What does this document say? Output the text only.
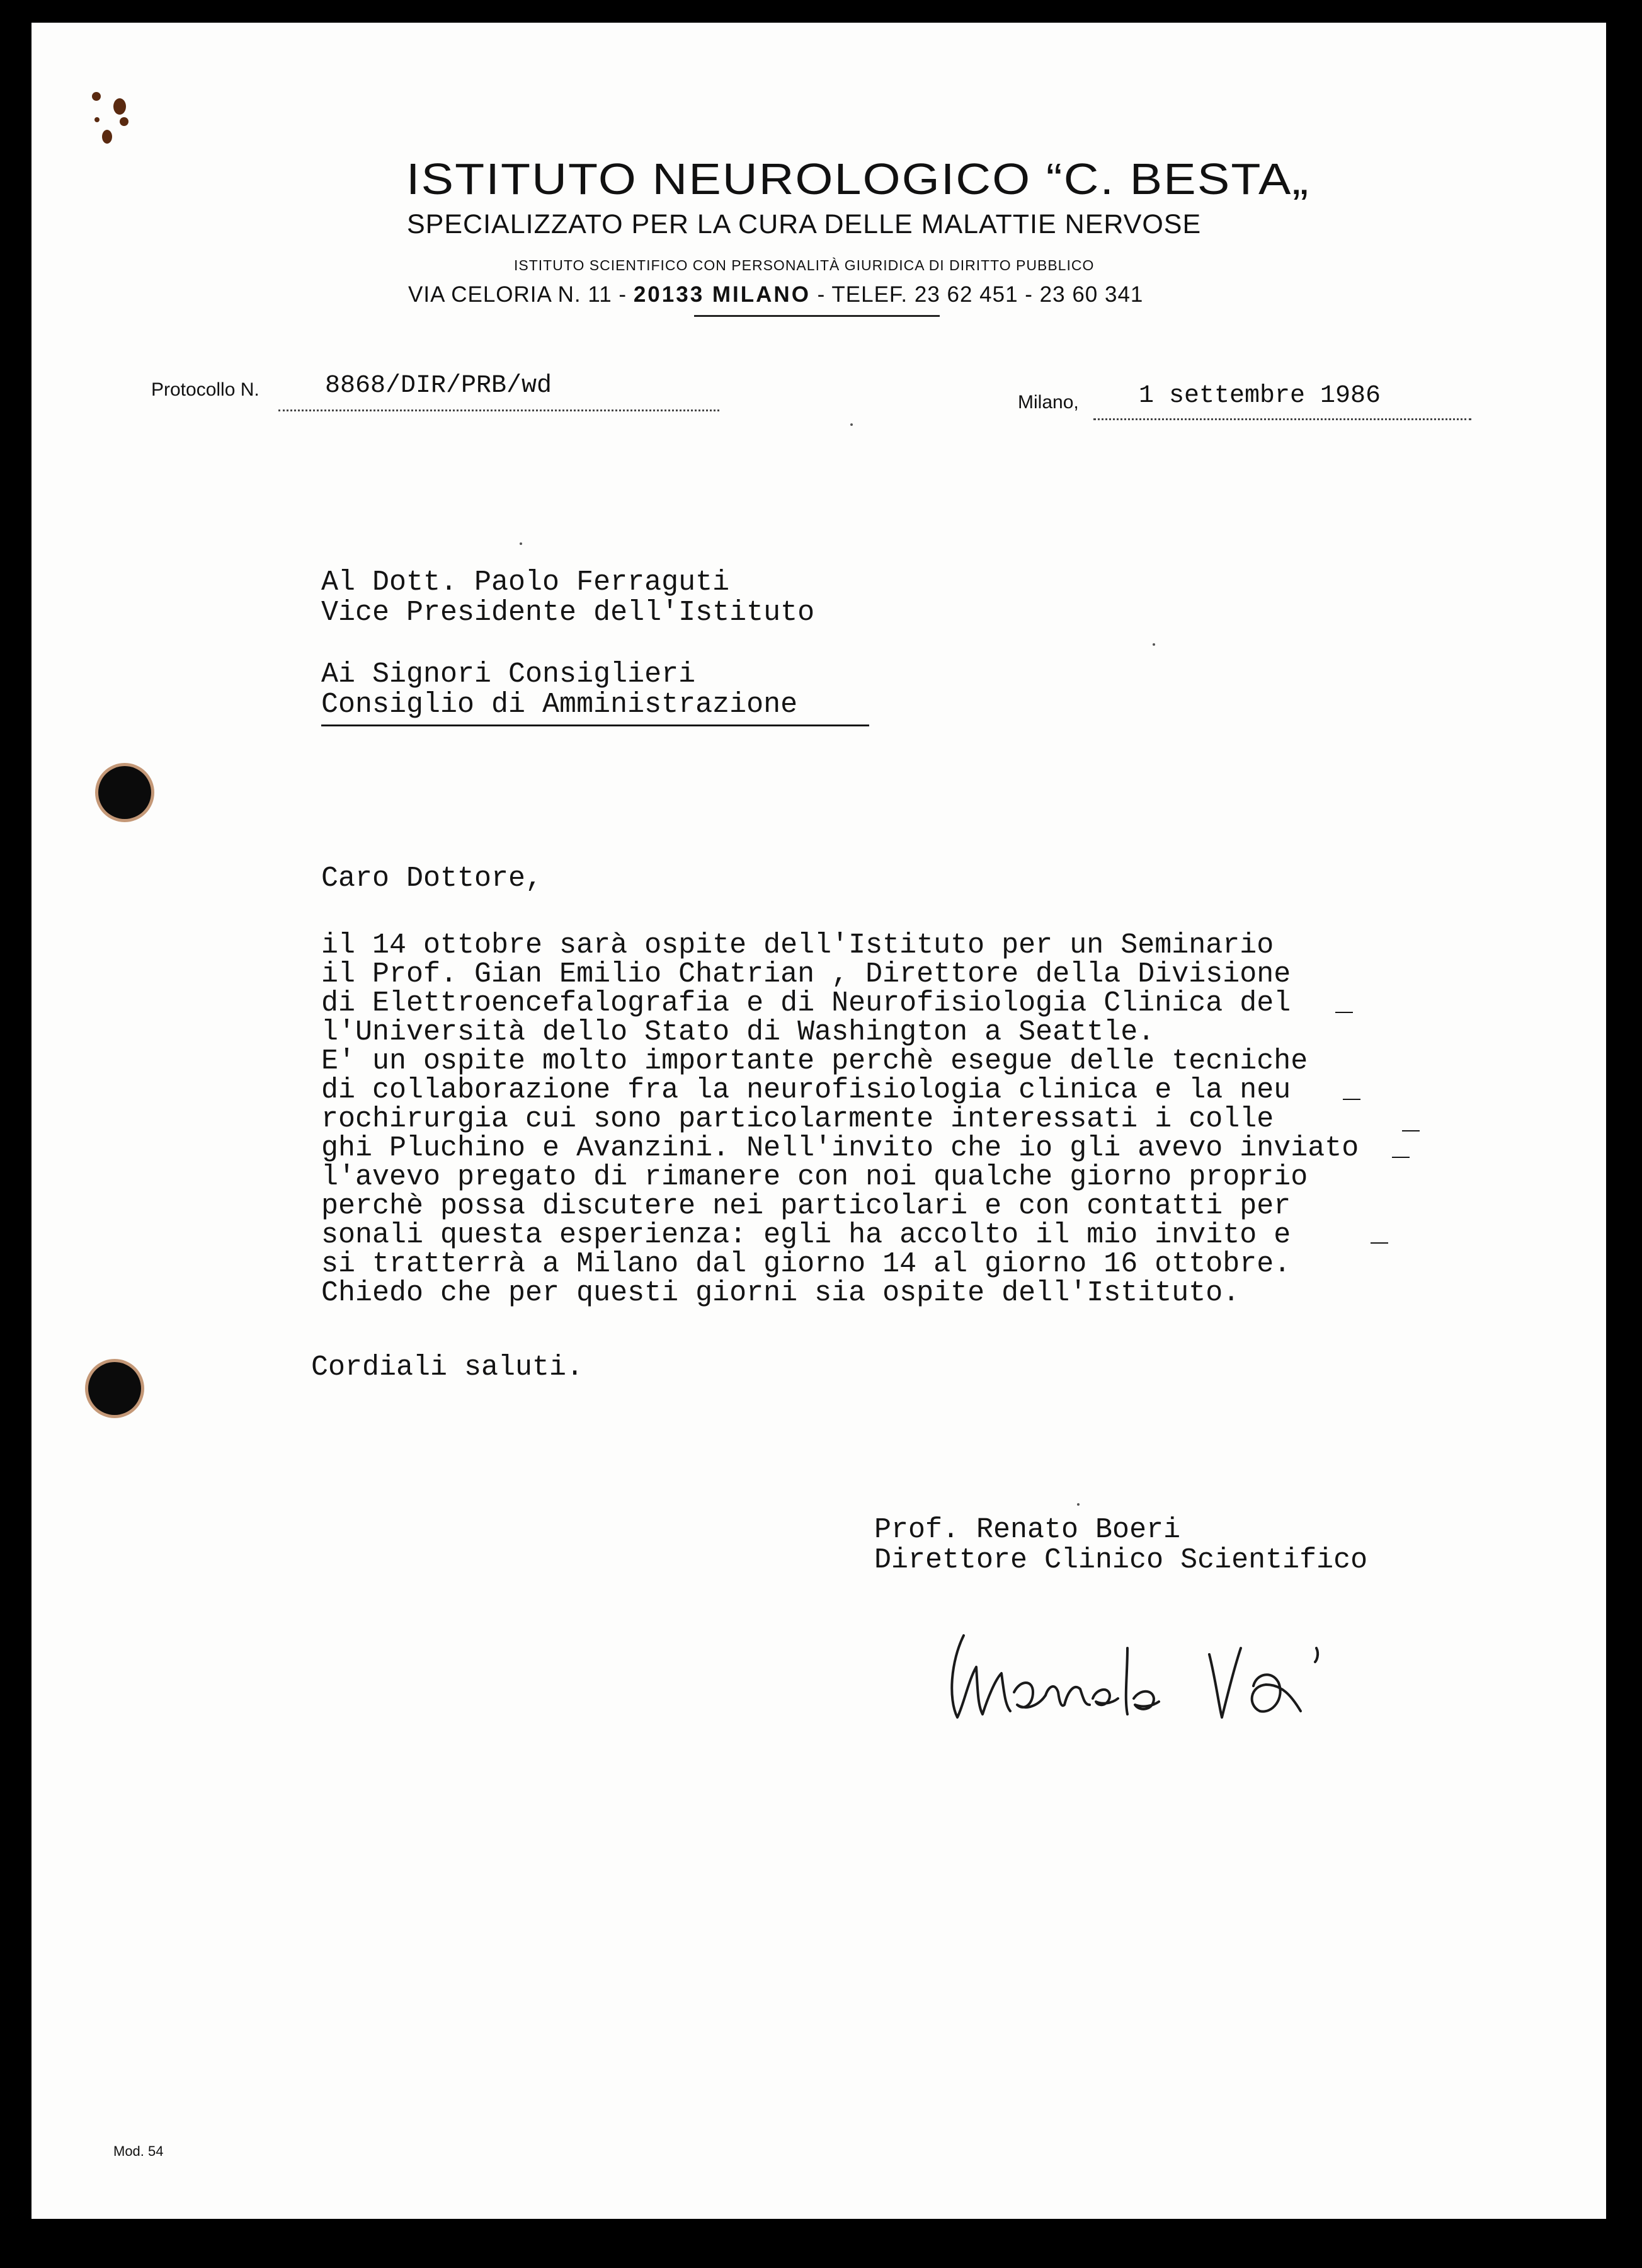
ISTITUTO NEUROLOGICO “C. BESTA„
SPECIALIZZATO PER LA CURA DELLE MALATTIE NERVOSE
ISTITUTO SCIENTIFICO CON PERSONALITÀ GIURIDICA DI DIRITTO PUBBLICO
VIA CELORIA N. 11 - 20133 MILANO - TELEF. 23 62 451 - 23 60 341
Protocollo N.	8868/DIR/PRB/wd
Milano, 1 settembre 1986
Al Dott. Paolo Ferraguti
Vice Presidente dell'Istituto
Ai Signori Consiglieri
Consiglio di Amministrazione
Caro Dottore,
il 14 ottobre sarà ospite dell'Istituto per un Seminario
il Prof. Gian Emilio Chatrian , Direttore della Divisione
di Elettroencefalografia e di Neurofisiologia Clinica del
l'Università dello Stato di Washington a Seattle.
E' un ospite molto importante perchè esegue delle tecniche
di collaborazione fra la neurofisiologia clinica e la neu
rochirurgia cui sono particolarmente interessati i colle
ghi Pluchino e Avanzini. Nell'invito che io gli avevo inviato
l'avevo pregato di rimanere con noi qualche giorno proprio
perchè possa discutere nei particolari e con contatti per
sonali questa esperienza: egli ha accolto il mio invito e
si tratterrà a Milano dal giorno 14 al giorno 16 ottobre.
Chiedo che per questi giorni sia ospite dell'Istituto.
Cordiali saluti.
Prof. Renato Boeri
Direttore Clinico Scientifico
Mod. 54
